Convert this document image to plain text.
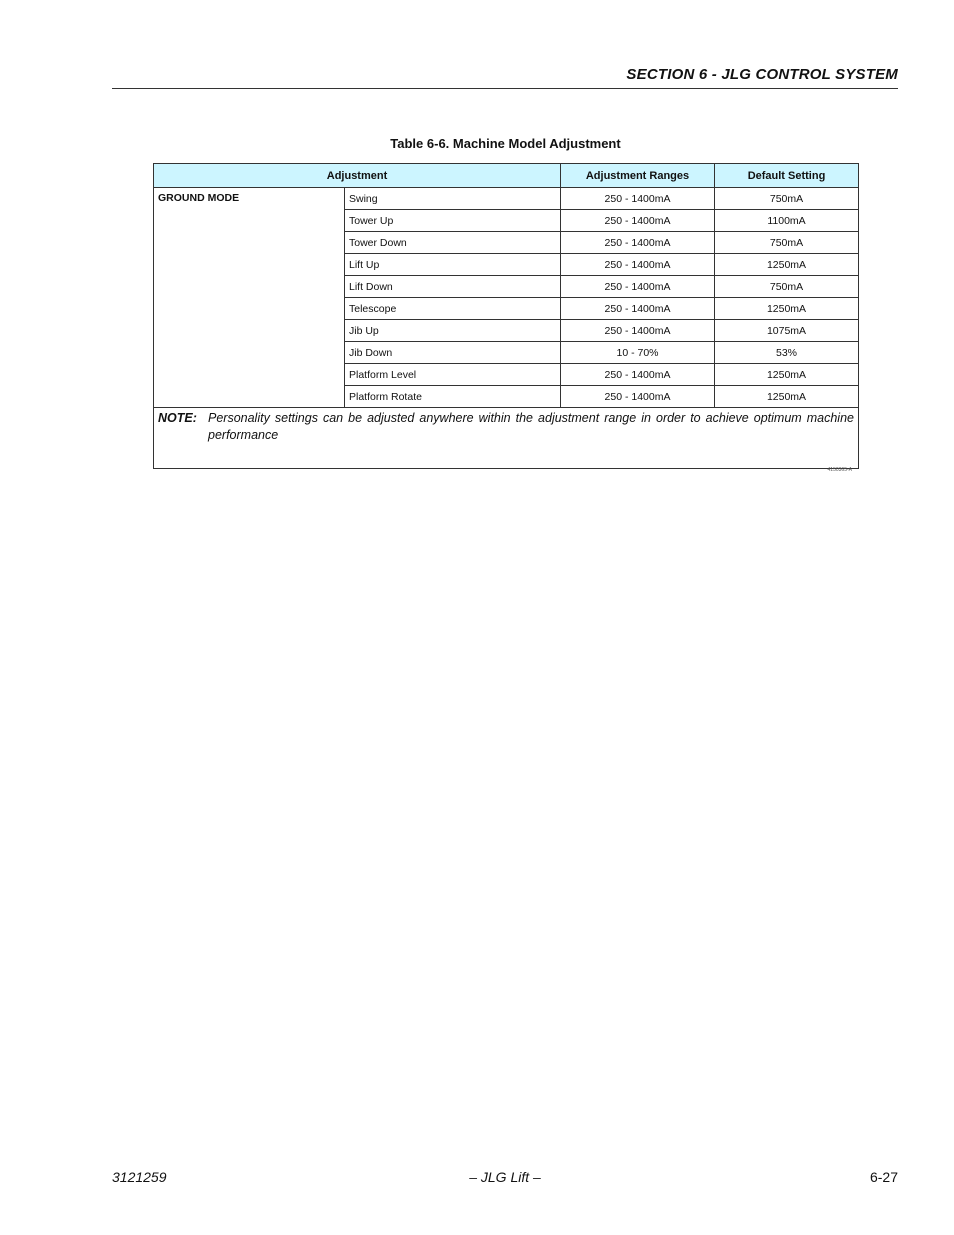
SECTION 6 - JLG CONTROL SYSTEM
Table 6-6. Machine Model Adjustment
Adjustment		Adjustment Ranges	Default Setting
GROUND MODE	Swing	250 - 1400mA	750mA
	Tower Up	250 - 1400mA	1100mA
	Tower Down	250 - 1400mA	750mA
	Lift Up	250 - 1400mA	1250mA
	Lift Down	250 - 1400mA	750mA
	Telescope	250 - 1400mA	1250mA
	Jib Up	250 - 1400mA	1075mA
	Jib Down	10 - 70%	53%
	Platform Level	250 - 1400mA	1250mA
	Platform Rotate	250 - 1400mA	1250mA

NOTE: Personality settings can be adjusted anywhere within the adjustment range in order to achieve optimum machine performance			
4150365-A
3121259	– JLG Lift –	6-27
